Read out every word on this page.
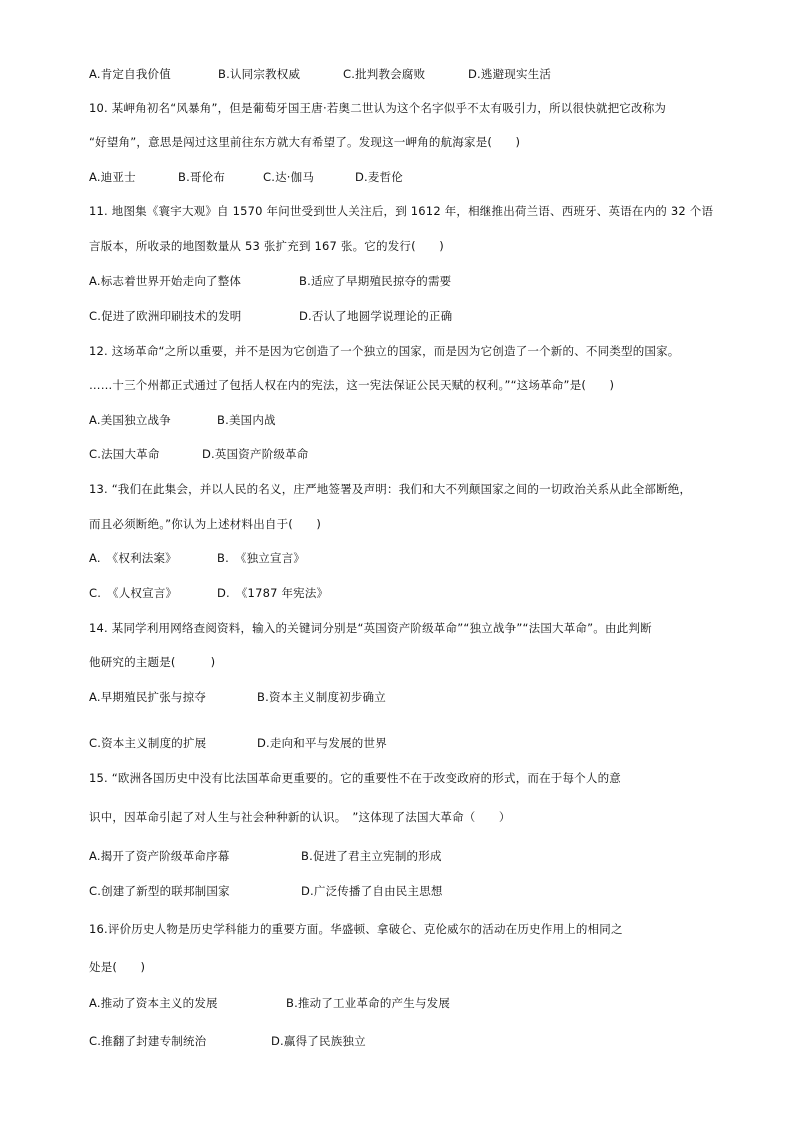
A.肯定自我价值	B.认同宗教权威	C.批判教会腐败	D.逃避现实生活
10. 某岬角初名“风暴角”，但是葡萄牙国王唐·若奥二世认为这个名字似乎不太有吸引力，所以很快就把它改称为
“好望角”，意思是闯过这里前往东方就大有希望了。发现这一岬角的航海家是(　　)
A.迪亚士	B.哥伦布	C.达·伽马	D.麦哲伦
11. 地图集《寰宇大观》自 1570 年问世受到世人关注后，到 1612 年，相继推出荷兰语、西班牙、英语在内的 32 个语
言版本，所收录的地图数量从 53 张扩充到 167 张。它的发行(　　)
A.标志着世界开始走向了整体	B.适应了早期殖民掠夺的需要
C.促进了欧洲印刷技术的发明	D.否认了地圆学说理论的正确
12. 这场革命“之所以重要，并不是因为它创造了一个独立的国家，而是因为它创造了一个新的、不同类型的国家。
……十三个州都正式通过了包括人权在内的宪法，这一宪法保证公民天赋的权利。”“这场革命”是(　　)
A.美国独立战争	B.美国内战
C.法国大革命	D.英国资产阶级革命
13. “我们在此集会，并以人民的名义，庄严地签署及声明：我们和大不列颠国家之间的一切政治关系从此全部断绝，
而且必须断绝。”你认为上述材料出自于(　　)
A.　《权利法案》	B.　《独立宣言》
C.　《人权宣言》	D.　《1787 年宪法》
14. 某同学利用网络查阅资料，输入的关键词分别是“英国资产阶级革命”“独立战争”“法国大革命”。由此判断
他研究的主题是(　　　)
A.早期殖民扩张与掠夺	B.资本主义制度初步确立
C.资本主义制度的扩展	D.走向和平与发展的世界
15. “欧洲各国历史中没有比法国革命更重要的。它的重要性不在于改变政府的形式，而在于每个人的意
识中，因革命引起了对人生与社会种种新的认识。　”这体现了法国大革命（　　）
A.揭开了资产阶级革命序幕	B.促进了君主立宪制的形成
C.创建了新型的联邦制国家	D.广泛传播了自由民主思想
16.评价历史人物是历史学科能力的重要方面。华盛顿、拿破仑、克伦威尔的活动在历史作用上的相同之
处是(　　)
A.推动了资本主义的发展	B.推动了工业革命的产生与发展
C.推翻了封建专制统治	D.赢得了民族独立
